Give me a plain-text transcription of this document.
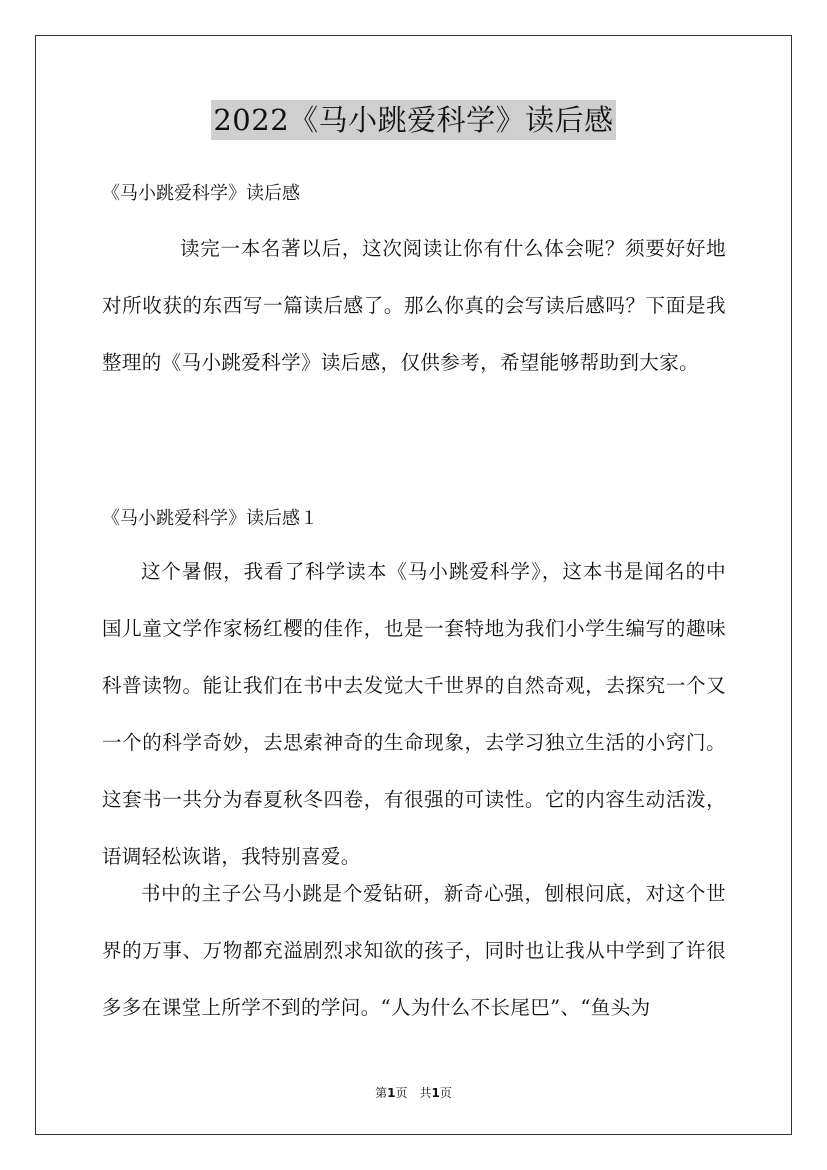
2022《马小跳爱科学》读后感
《马小跳爱科学》读后感

读完一本名著以后，这次阅读让你有什么体会呢？须要好好地对所收获的东西写一篇读后感了。那么你真的会写读后感吗？下面是我整理的《马小跳爱科学》读后感，仅供参考，希望能够帮助到大家。

《马小跳爱科学》读后感１

这个暑假，我看了科学读本《马小跳爱科学》，这本书是闻名的中国儿童文学作家杨红樱的佳作，也是一套特地为我们小学生编写的趣味科普读物。能让我们在书中去发觉大千世界的自然奇观，去探究一个又一个的科学奇妙，去思索神奇的生命现象，去学习独立生活的小窍门。这套书一共分为春夏秋冬四卷，有很强的可读性。它的内容生动活泼，语调轻松诙谐，我特别喜爱。

书中的主子公马小跳是个爱钻研，新奇心强，刨根问底，对这个世界的万事、万物都充溢剧烈求知欲的孩子，同时也让我从中学到了许很多多在课堂上所学不到的学问。“人为什么不长尾巴”、“鱼头为

第1页　共1页
